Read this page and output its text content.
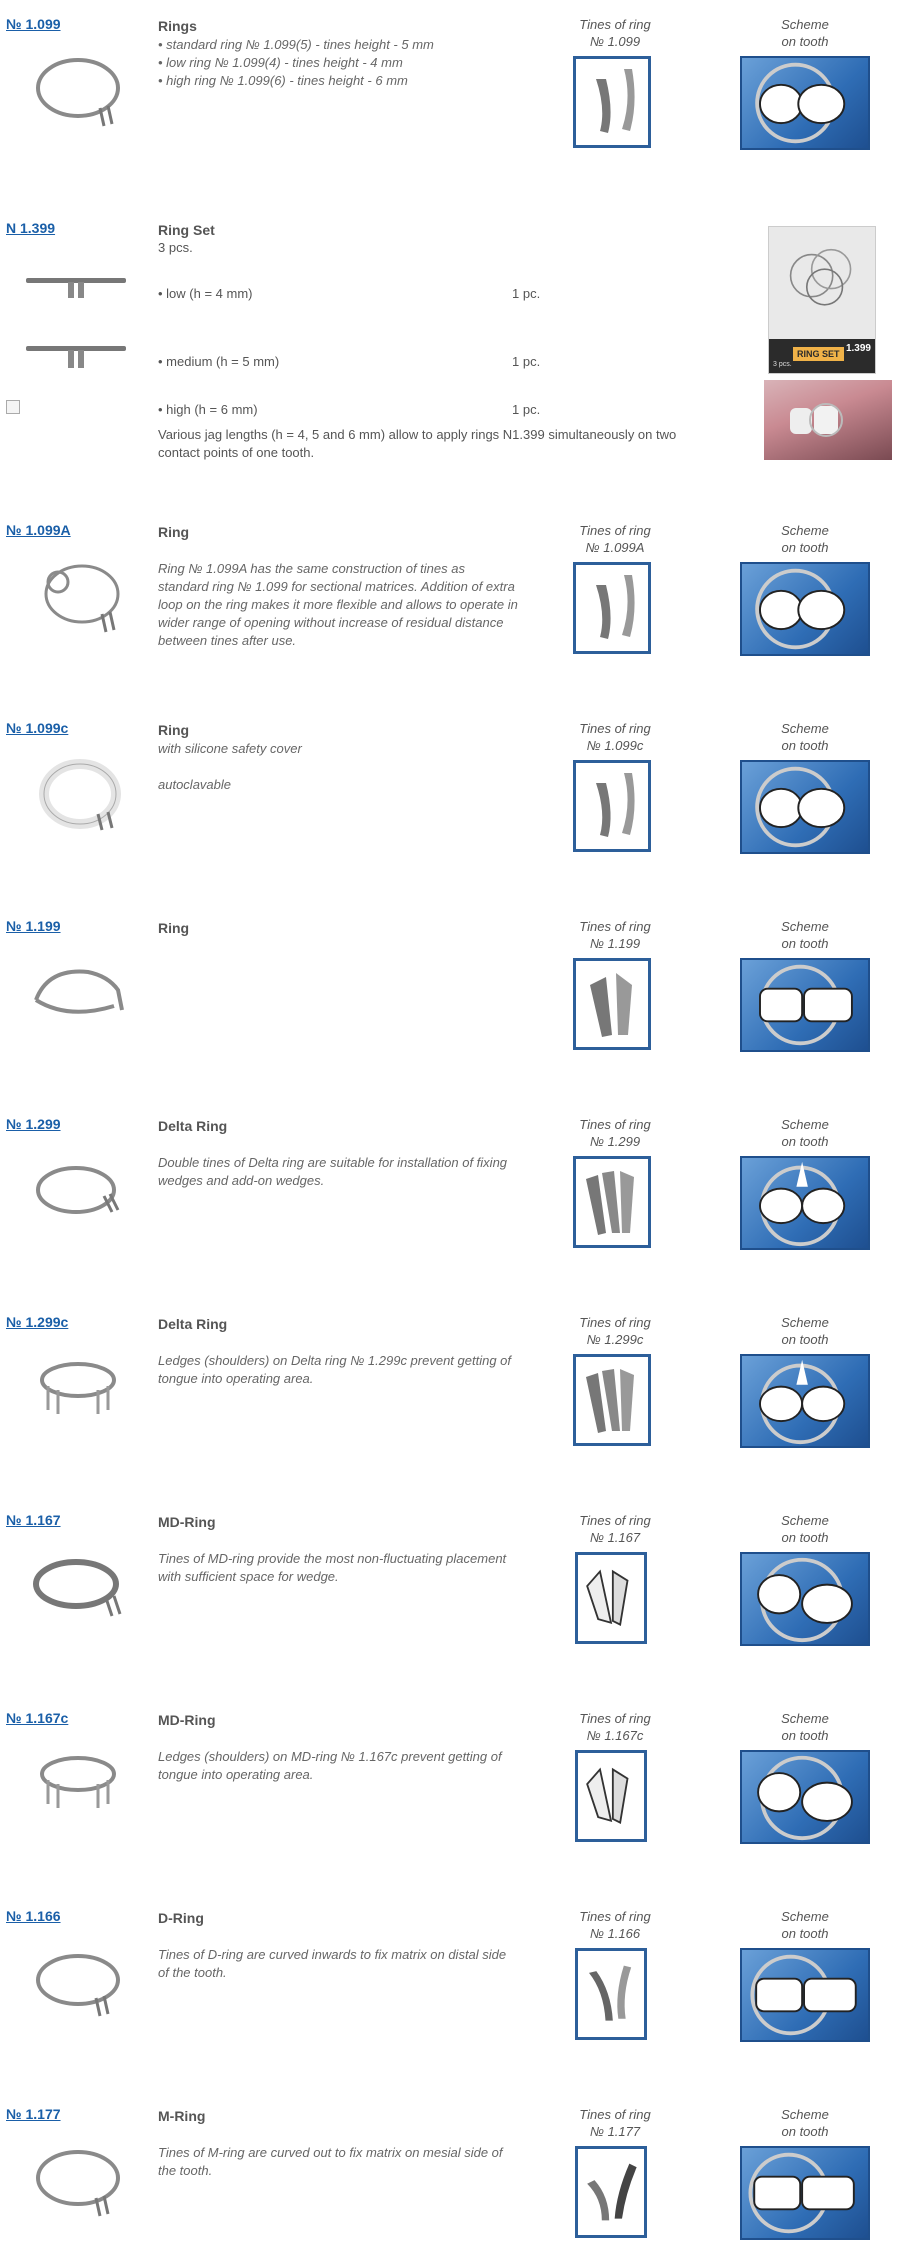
№ 1.099	Rings
• standard ring № 1.099(5) - tines height - 5 mm
• low ring № 1.099(4) - tines height - 4 mm
• high ring № 1.099(6) - tines height - 6 mm
Tines of ring
№ 1.099
Scheme
on tooth
N 1.399	Ring Set
3 pcs.
• low (h = 4 mm)	1 pc.
• medium (h = 5 mm)	1 pc.
• high (h = 6 mm)	1 pc.
Various jag lengths (h = 4, 5 and 6 mm) allow to apply rings N1.399 simultaneously on two contact points of one tooth.
RING SET 1.399
3 pcs.
№ 1.099A	Ring
Ring № 1.099A has the same construction of tines as standard ring № 1.099 for sectional matrices. Addition of extra loop on the ring makes it more flexible and allows to operate in wider range of opening without increase of residual distance between tines after use.
Tines of ring
№ 1.099A
Scheme
on tooth
№ 1.099c	Ring
with silicone safety cover

autoclavable
Tines of ring
№ 1.099c
Scheme
on tooth
№ 1.199	Ring	Tines of ring
№ 1.199
Scheme
on tooth
№ 1.299	Delta Ring
Double tines of Delta ring are suitable for installation of fixing wedges and add-on wedges.
Tines of ring
№ 1.299
Scheme
on tooth
№ 1.299c	Delta Ring
Ledges (shoulders) on Delta ring № 1.299c prevent getting of tongue into operating area.
Tines of ring
№ 1.299c
Scheme
on tooth
№ 1.167	MD-Ring
Tines of MD-ring provide the most non-fluctuating placement with sufficient space for wedge.
Tines of ring
№ 1.167
Scheme
on tooth
№ 1.167c	MD-Ring
Ledges (shoulders) on MD-ring № 1.167c prevent getting of tongue into operating area.
Tines of ring
№ 1.167c
Scheme
on tooth
№ 1.166	D-Ring
Tines of D-ring are curved inwards to fix matrix on distal side of the tooth.
Tines of ring
№ 1.166
Scheme
on tooth
№ 1.177	M-Ring
Tines of M-ring are curved out to fix matrix on mesial side of the tooth.
Tines of ring
№ 1.177
Scheme
on tooth
